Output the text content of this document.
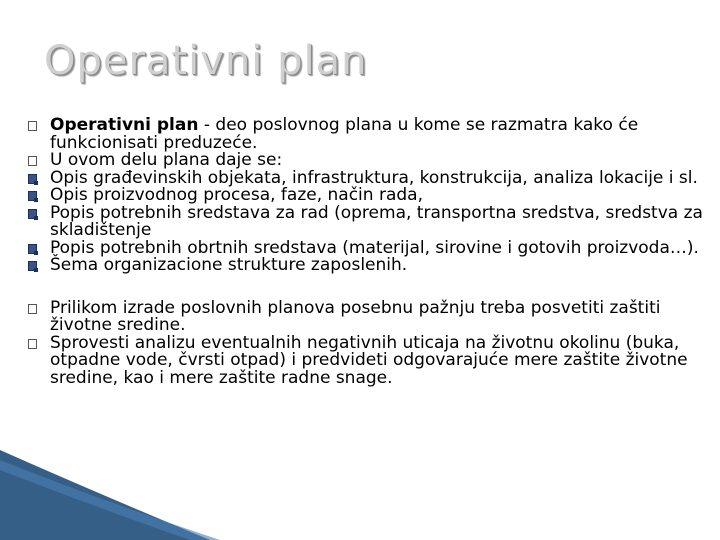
Operativni plan
Operativni plan - deo poslovnog plana u kome se razmatra kako će funkcionisati preduzeće.
U ovom delu plana daje se:
Opis građevinskih objekata, infrastruktura, konstrukcija, analiza lokacije i sl.
Opis proizvodnog procesa, faze, način rada,
Popis potrebnih sredstava za rad (oprema, transportna sredstva, sredstva za skladištenje
Popis potrebnih obrtnih sredstava (materijal, sirovine i gotovih proizvoda…).
Šema organizacione strukture zaposlenih.
Prilikom izrade poslovnih planova posebnu pažnju treba posvetiti zaštiti životne sredine.
Sprovesti analizu eventualnih negativnih uticaja na životnu okolinu (buka, otpadne vode, čvrsti otpad) i predvideti odgovarajuće mere zaštite životne sredine, kao i mere zaštite radne snage.
